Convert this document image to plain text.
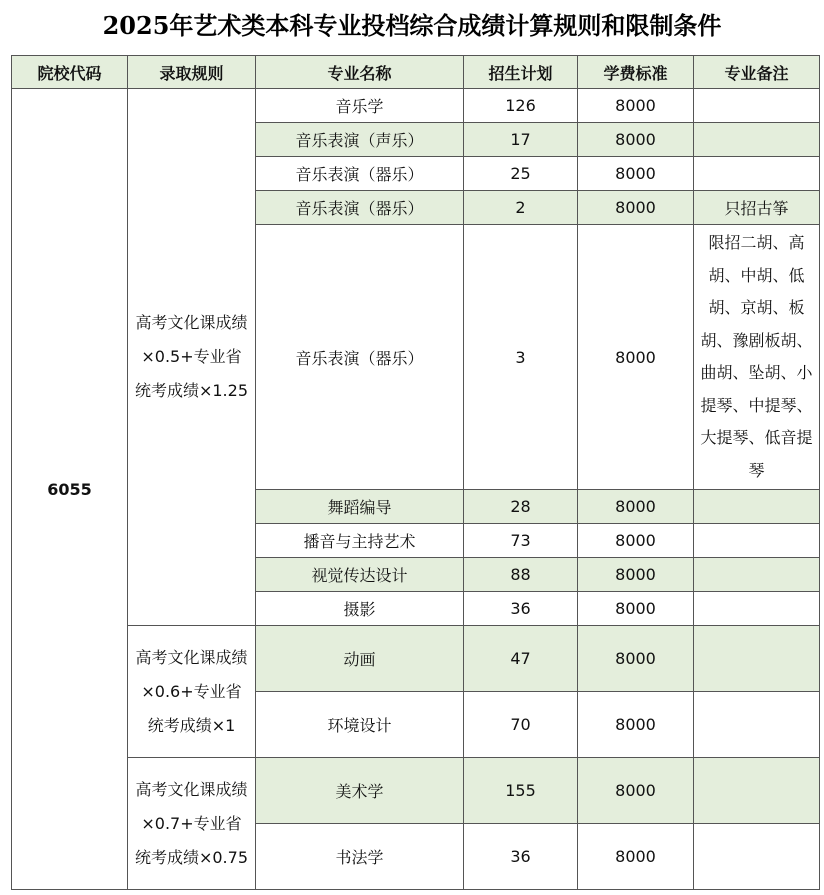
2025年艺术类本科专业投档综合成绩计算规则和限制条件
院校代码	录取规则	专业名称	招生计划	学费标准	专业备注
6055	高考文化课成绩×0.5+专业省统考成绩×1.25	音乐学	126	8000	
		音乐表演（声乐）	17	8000	
		音乐表演（器乐）	25	8000	
		音乐表演（器乐）	2	8000	只招古筝
		音乐表演（器乐）	3	8000	限招二胡、高胡、中胡、低胡、京胡、板胡、豫剧板胡、曲胡、坠胡、小提琴、中提琴、大提琴、低音提琴

		舞蹈编导	28	8000	
		播音与主持艺术	73	8000	
		视觉传达设计	88	8000	
		摄影	36	8000	

	高考文化课成绩×0.6+专业省统考成绩×1	动画	47	8000	
		环境设计	70	8000	

	高考文化课成绩×0.7+专业省统考成绩×0.75	美术学	155	8000	
		书法学	36	8000	
